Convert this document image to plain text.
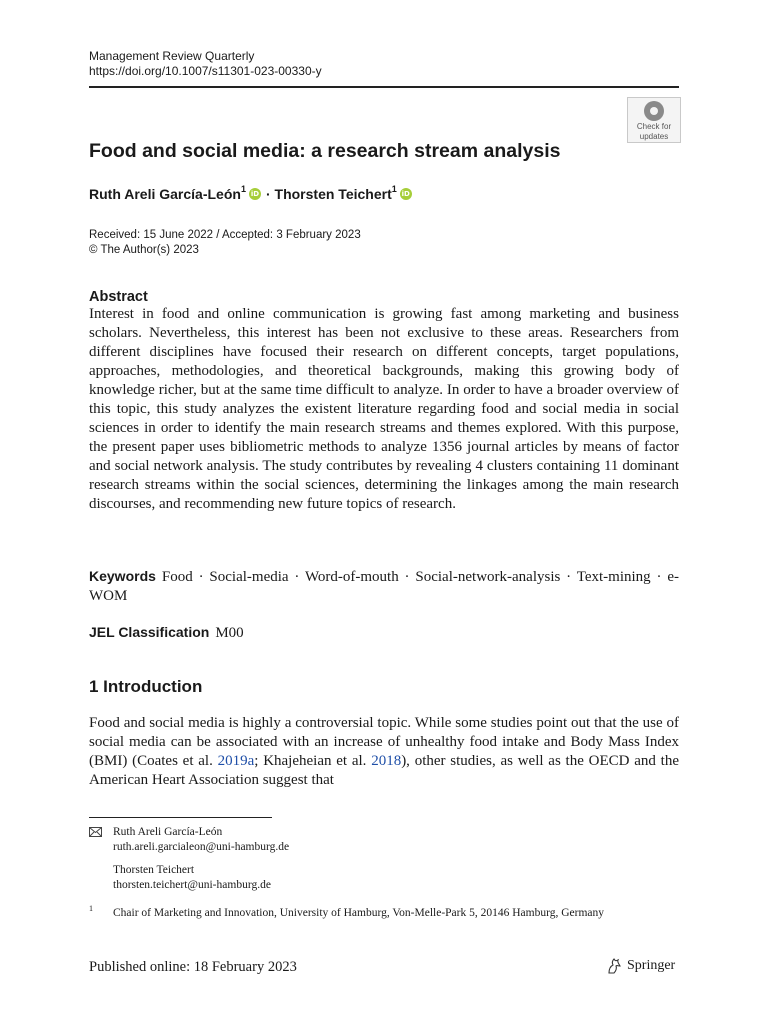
Management Review Quarterly
https://doi.org/10.1007/s11301-023-00330-y
Check for
updates
Food and social media: a research stream analysis
Ruth Areli García-León$^1$ iD ·
Thorsten Teichert$^1$ iD
Received: 15 June 2022 / Accepted: 3 February 2023
© The Author(s) 2023
Abstract

Interest in food and online communication is growing fast among marketing and business scholars. Nevertheless, this interest has been not exclusive to these areas. Researchers from different disciplines have focused their research on different concepts, target populations, approaches, methodologies, and theoretical backgrounds, making this growing body of knowledge richer, but at the same time difficult to analyze. In order to have a broader overview of this topic, this study analyzes the existent literature regarding food and social media in social sciences in order to identify the main research streams and themes explored. With this purpose, the present paper uses bibliometric methods to analyze 1356 journal articles by means of factor and social network analysis. The study contributes by revealing 4 clusters containing 11 dominant research streams within the social sciences, determining the linkages among the main research discourses, and recommending new future topics of research.

Keywords Food · Social-media · Word-of-mouth · Social-network-analysis · Text-mining · e-WOM

JEL Classification M00
1 Introduction

Food and social media is highly a controversial topic. While some studies point out that the use of social media can be associated with an increase of unhealthy food intake and Body Mass Index (BMI) (Coates et al. 2019a; Khajeheian et al. 2018), other studies, as well as the OECD and the American Heart Association suggest that

Ruth Areli García-León
ruth.areli.garcialeon@uni-hamburg.de
Thorsten Teichert
thorsten.teichert@uni-hamburg.de
1 Chair of Marketing and Innovation, University of Hamburg, Von-Melle-Park 5, 20146 Hamburg, Germany
Published online: 18 February 2023	Springer
